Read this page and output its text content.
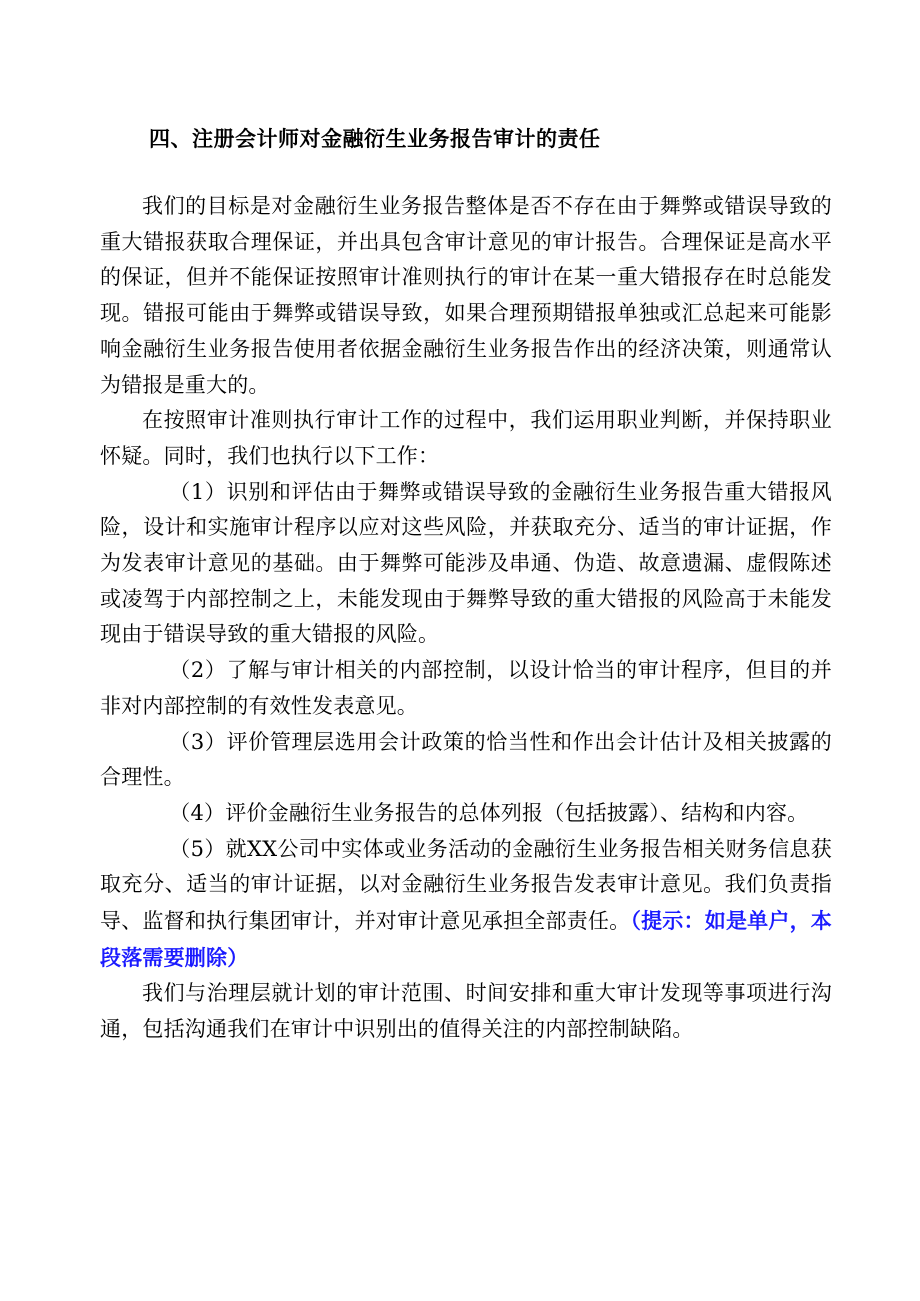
四、注册会计师对金融衍生业务报告审计的责任

我们的目标是对金融衍生业务报告整体是否不存在由于舞弊或错误导致的重大错报获取合理保证，并出具包含审计意见的审计报告。合理保证是高水平的保证，但并不能保证按照审计准则执行的审计在某一重大错报存在时总能发现。错报可能由于舞弊或错误导致，如果合理预期错报单独或汇总起来可能影响金融衍生业务报告使用者依据金融衍生业务报告作出的经济决策，则通常认为错报是重大的。

在按照审计准则执行审计工作的过程中，我们运用职业判断，并保持职业怀疑。同时，我们也执行以下工作：

（1）识别和评估由于舞弊或错误导致的金融衍生业务报告重大错报风险，设计和实施审计程序以应对这些风险，并获取充分、适当的审计证据，作为发表审计意见的基础。由于舞弊可能涉及串通、伪造、故意遗漏、虚假陈述或凌驾于内部控制之上，未能发现由于舞弊导致的重大错报的风险高于未能发现由于错误导致的重大错报的风险。

（2）了解与审计相关的内部控制，以设计恰当的审计程序，但目的并非对内部控制的有效性发表意见。

（3）评价管理层选用会计政策的恰当性和作出会计估计及相关披露的合理性。

（4）评价金融衍生业务报告的总体列报（包括披露）、结构和内容。

（5）就XX公司中实体或业务活动的金融衍生业务报告相关财务信息获取充分、适当的审计证据，以对金融衍生业务报告发表审计意见。我们负责指导、监督和执行集团审计，并对审计意见承担全部责任。（提示：如是单户，本段落需要删除）

我们与治理层就计划的审计范围、时间安排和重大审计发现等事项进行沟通，包括沟通我们在审计中识别出的值得关注的内部控制缺陷。
